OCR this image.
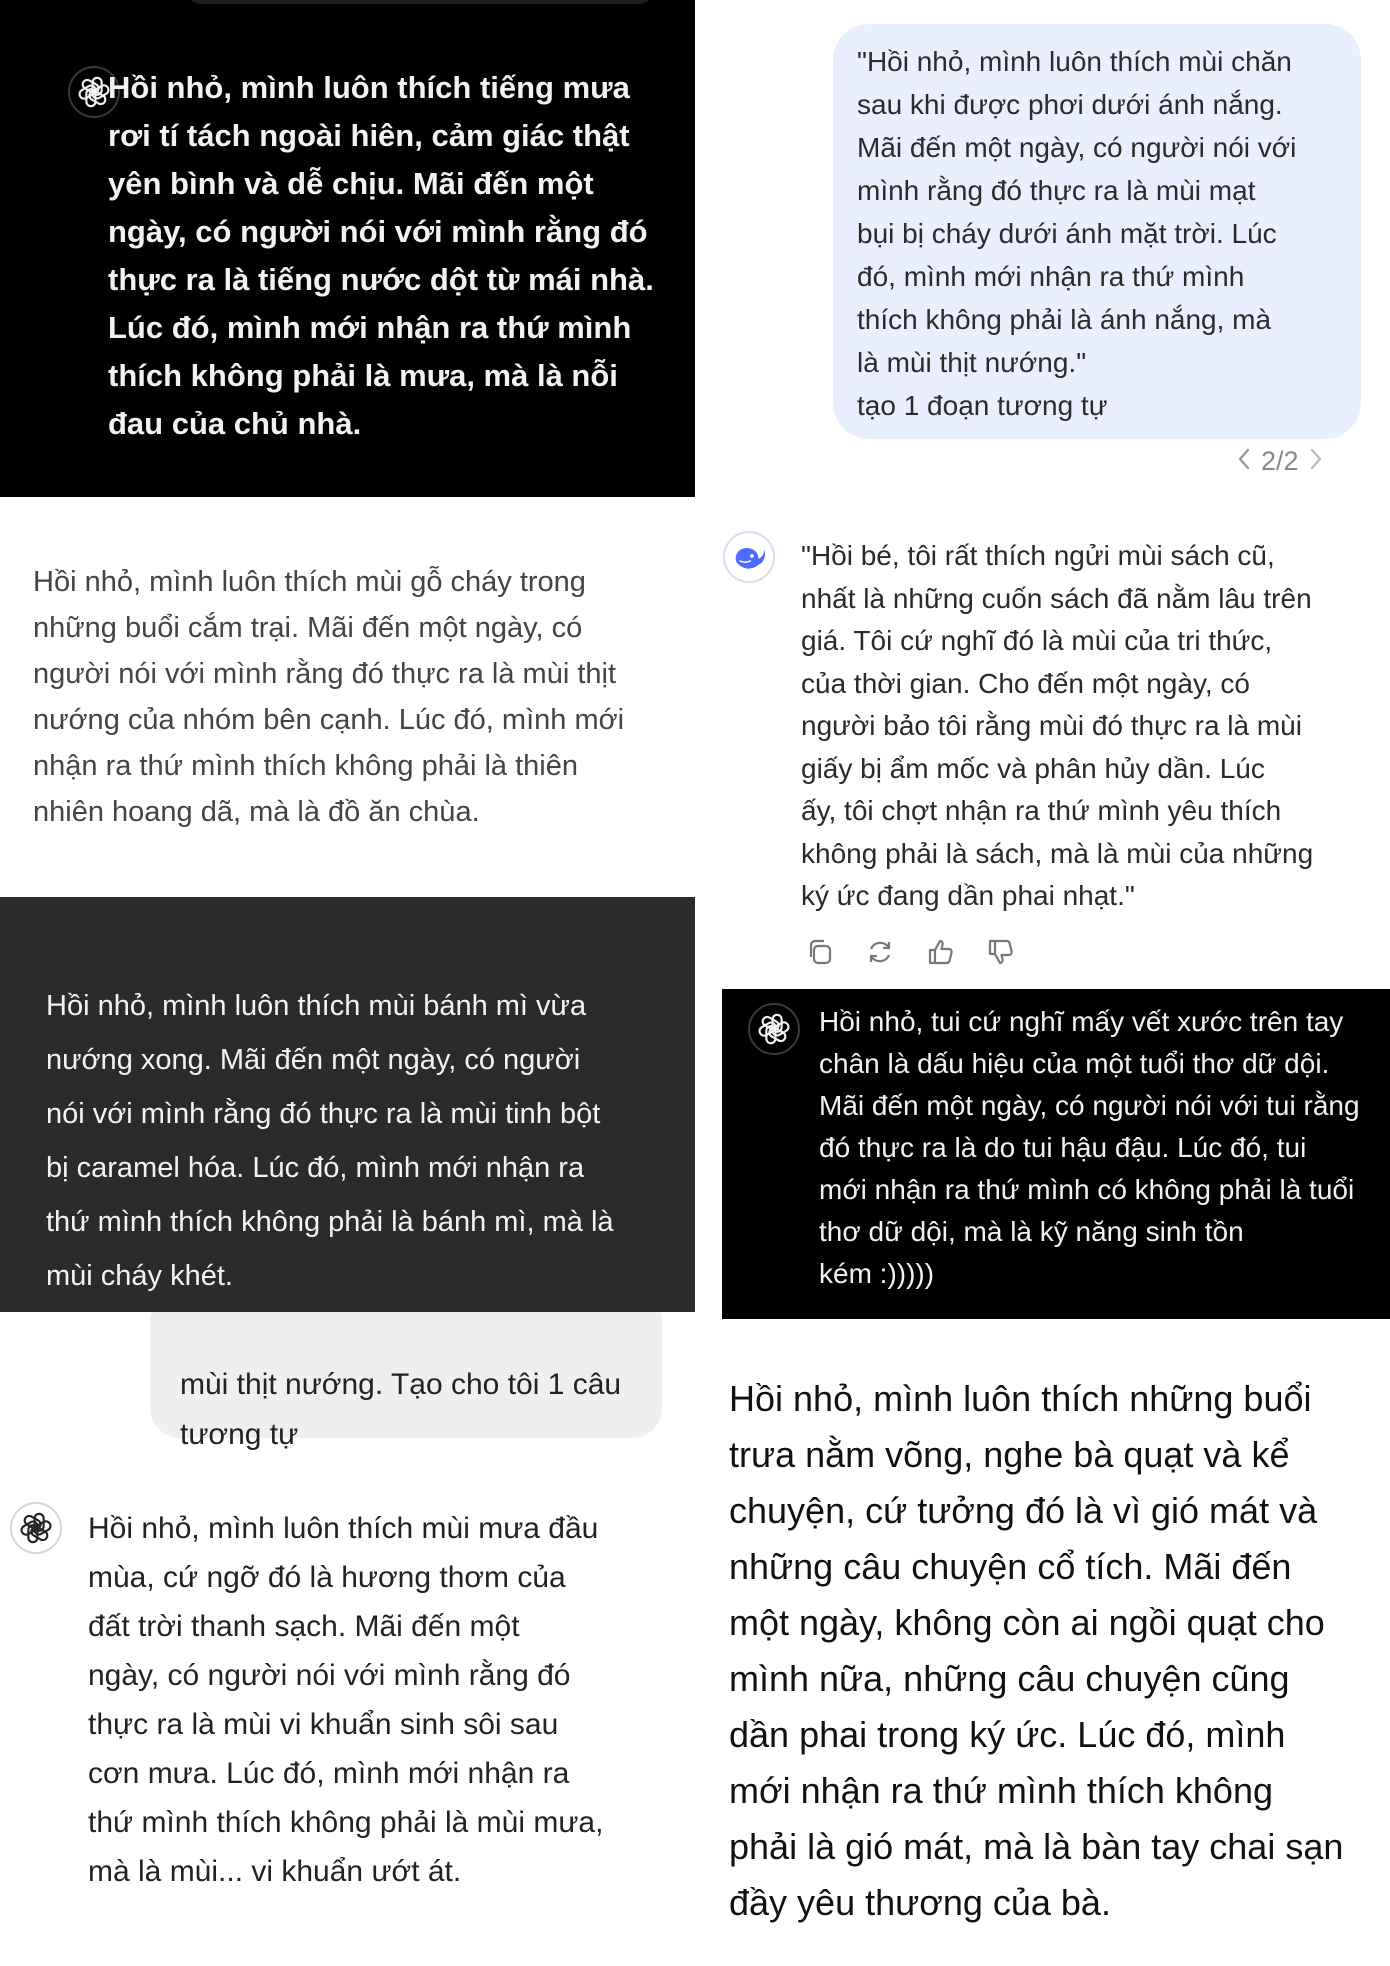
Hồi nhỏ, mình luôn thích tiếng mưa
rơi tí tách ngoài hiên, cảm giác thật
yên bình và dễ chịu. Mãi đến một
ngày, có người nói với mình rằng đó
thực ra là tiếng nước dột từ mái nhà.
Lúc đó, mình mới nhận ra thứ mình
thích không phải là mưa, mà là nỗi
đau của chủ nhà.

"Hồi nhỏ, mình luôn thích mùi chăn
sau khi được phơi dưới ánh nắng.
Mãi đến một ngày, có người nói với
mình rằng đó thực ra là mùi mạt
bụi bị cháy dưới ánh mặt trời. Lúc
đó, mình mới nhận ra thứ mình
thích không phải là ánh nắng, mà
là mùi thịt nướng."
tạo 1 đoạn tương tự

2/2

Hồi nhỏ, mình luôn thích mùi gỗ cháy trong
những buổi cắm trại. Mãi đến một ngày, có
người nói với mình rằng đó thực ra là mùi thịt
nướng của nhóm bên cạnh. Lúc đó, mình mới
nhận ra thứ mình thích không phải là thiên
nhiên hoang dã, mà là đồ ăn chùa.

"Hồi bé, tôi rất thích ngửi mùi sách cũ,
nhất là những cuốn sách đã nằm lâu trên
giá. Tôi cứ nghĩ đó là mùi của tri thức,
của thời gian. Cho đến một ngày, có
người bảo tôi rằng mùi đó thực ra là mùi
giấy bị ẩm mốc và phân hủy dần. Lúc
ấy, tôi chợt nhận ra thứ mình yêu thích
không phải là sách, mà là mùi của những
ký ức đang dần phai nhạt."

Hồi nhỏ, mình luôn thích mùi bánh mì vừa
nướng xong. Mãi đến một ngày, có người
nói với mình rằng đó thực ra là mùi tinh bột
bị caramel hóa. Lúc đó, mình mới nhận ra
thứ mình thích không phải là bánh mì, mà là
mùi cháy khét.

Hồi nhỏ, tui cứ nghĩ mấy vết xước trên tay
chân là dấu hiệu của một tuổi thơ dữ dội.
Mãi đến một ngày, có người nói với tui rằng
đó thực ra là do tui hậu đậu. Lúc đó, tui
mới nhận ra thứ mình có không phải là tuổi
thơ dữ dội, mà là kỹ năng sinh tồn
kém :)))))

mùi thịt nướng. Tạo cho tôi 1 câu tương tự

Hồi nhỏ, mình luôn thích mùi mưa đầu
mùa, cứ ngỡ đó là hương thơm của
đất trời thanh sạch. Mãi đến một
ngày, có người nói với mình rằng đó
thực ra là mùi vi khuẩn sinh sôi sau
cơn mưa. Lúc đó, mình mới nhận ra
thứ mình thích không phải là mùi mưa,
mà là mùi... vi khuẩn ướt át.

Hồi nhỏ, mình luôn thích những buổi
trưa nằm võng, nghe bà quạt và kể
chuyện, cứ tưởng đó là vì gió mát và
những câu chuyện cổ tích. Mãi đến
một ngày, không còn ai ngồi quạt cho
mình nữa, những câu chuyện cũng
dần phai trong ký ức. Lúc đó, mình
mới nhận ra thứ mình thích không
phải là gió mát, mà là bàn tay chai sạn
đầy yêu thương của bà.
